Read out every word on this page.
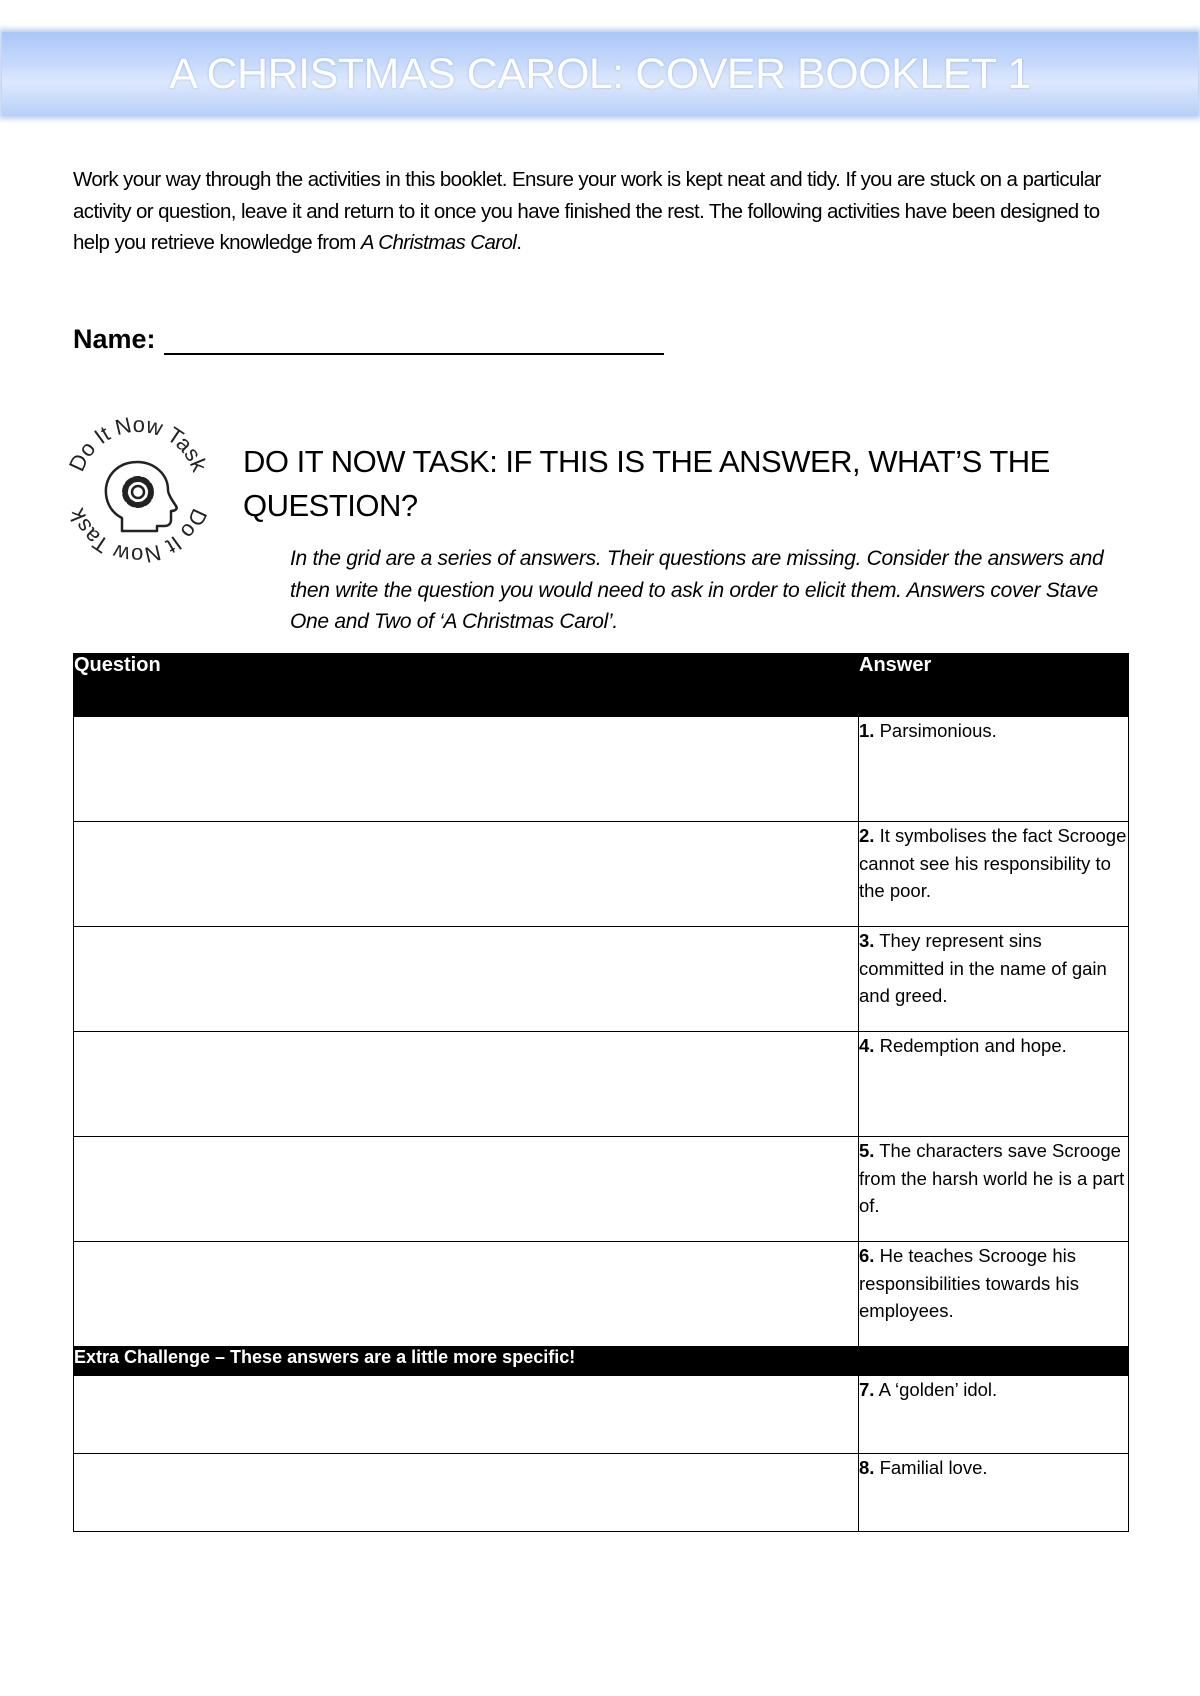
A CHRISTMAS CAROL: COVER BOOKLET 1
Work your way through the activities in this booklet. Ensure your work is kept neat and tidy. If you are stuck on a particular activity or question, leave it and return to it once you have finished the rest. The following activities have been designed to help you retrieve knowledge from A Christmas Carol.
Name:
Do It Now Task
Do It Now Task
DO IT NOW TASK: IF THIS IS THE ANSWER, WHAT’S THE QUESTION?
In the grid are a series of answers. Their questions are missing. Consider the answers and then write the question you would need to ask in order to elicit them. Answers cover Stave One and Two of ‘A Christmas Carol’.
Question	Answer
	1. Parsimonious.
	2. It symbolises the fact Scrooge cannot see his responsibility to the poor.
	3. They represent sins committed in the name of gain and greed.
	4. Redemption and hope.
	5. The characters save Scrooge from the harsh world he is a part of.
	6. He teaches Scrooge his responsibilities towards his employees.
Extra Challenge – These answers are a little more specific!	
	7. A ‘golden’ idol.
	8. Familial love.
